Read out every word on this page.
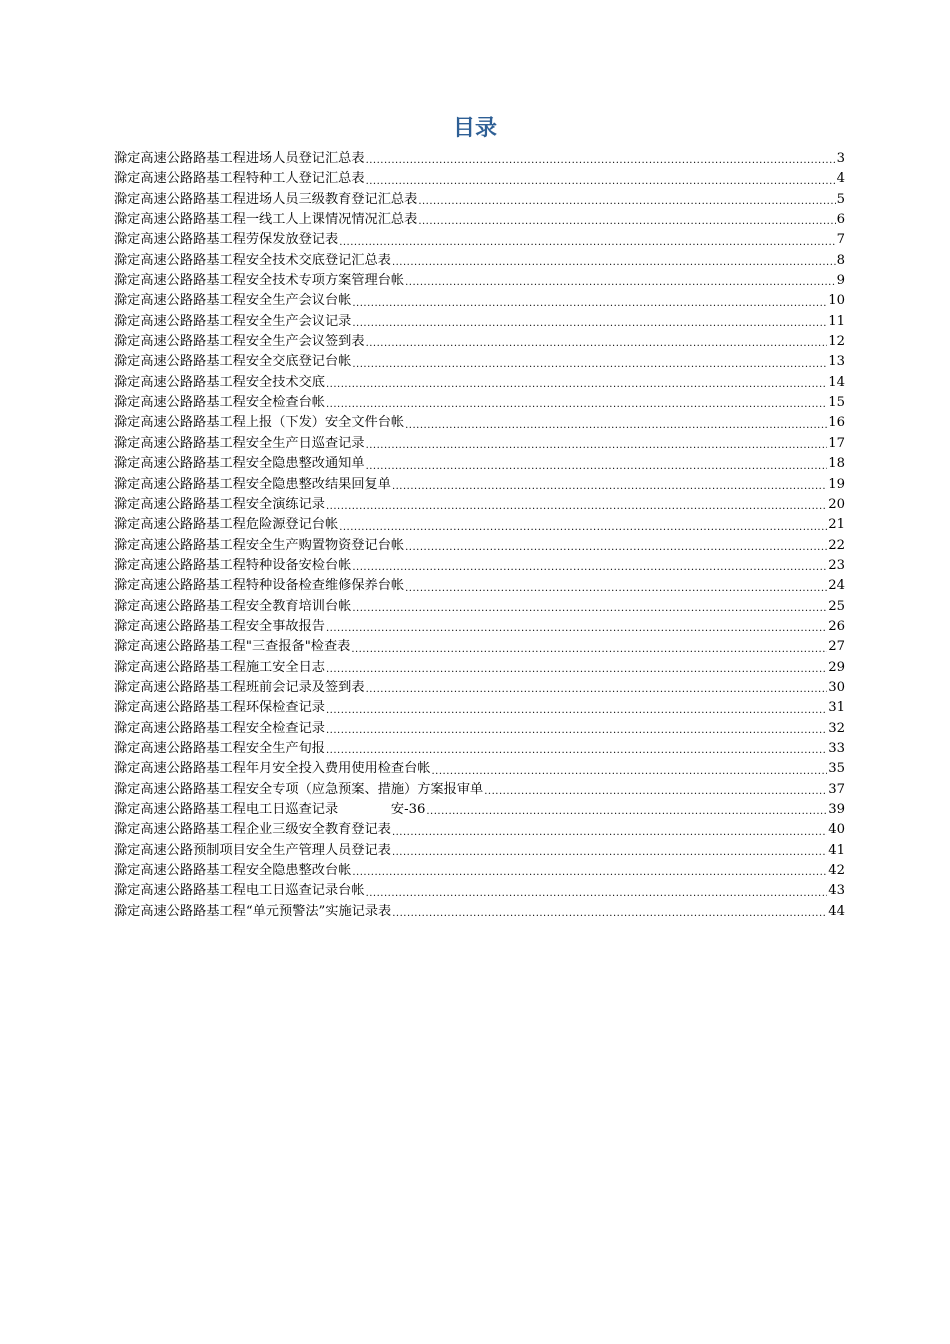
目录
滁定高速公路路基工程进场人员登记汇总表 .....	3
滁定高速公路路基工程特种工人登记汇总表 .....	4
滁定高速公路路基工程进场人员三级教育登记汇总表 .....	5
滁定高速公路路基工程一线工人上课情况情况汇总表 .....	6
滁定高速公路路基工程劳保发放登记表 .....	7
滁定高速公路路基工程安全技术交底登记汇总表 .....	8
滁定高速公路路基工程安全技术专项方案管理台帐 .....	9
滁定高速公路路基工程安全生产会议台帐 .....	10
滁定高速公路路基工程安全生产会议记录 .....	11
滁定高速公路路基工程安全生产会议签到表 .....	12
滁定高速公路路基工程安全交底登记台帐 .....	13
滁定高速公路路基工程安全技术交底 .....	14
滁定高速公路路基工程安全检查台帐 .....	15
滁定高速公路路基工程上报（下发）安全文件台帐 .....	16
滁定高速公路路基工程安全生产日巡查记录 .....	17
滁定高速公路路基工程安全隐患整改通知单 .....	18
滁定高速公路路基工程安全隐患整改结果回复单 .....	19
滁定高速公路路基工程安全演练记录 .....	20
滁定高速公路路基工程危险源登记台帐 .....	21
滁定高速公路路基工程安全生产购置物资登记台帐 .....	22
滁定高速公路路基工程特种设备安检台帐 .....	23
滁定高速公路路基工程特种设备检查维修保养台帐 .....	24
滁定高速公路路基工程安全教育培训台帐 .....	25
滁定高速公路路基工程安全事故报告 .....	26
滁定高速公路路基工程"三查报备"检查表 .....	27
滁定高速公路路基工程施工安全日志 .....	29
滁定高速公路路基工程班前会记录及签到表 .....	30
滁定高速公路路基工程环保检查记录 .....	31
滁定高速公路路基工程安全检查记录 .....	32
滁定高速公路路基工程安全生产旬报 .....	33
滁定高速公路路基工程年月安全投入费用使用检查台帐 .....	35
滁定高速公路路基工程安全专项（应急预案、措施）方案报审单 .....	37
滁定高速公路路基工程电工日巡查记录　　　　安-36 .....	39
滁定高速公路路基工程企业三级安全教育登记表 .....	40
滁定高速公路预制项目安全生产管理人员登记表 .....	41
滁定高速公路路基工程安全隐患整改台帐 .....	42
滁定高速公路路基工程电工日巡查记录台帐 .....	43
滁定高速公路路基工程“单元预警法”实施记录表 .....	44
